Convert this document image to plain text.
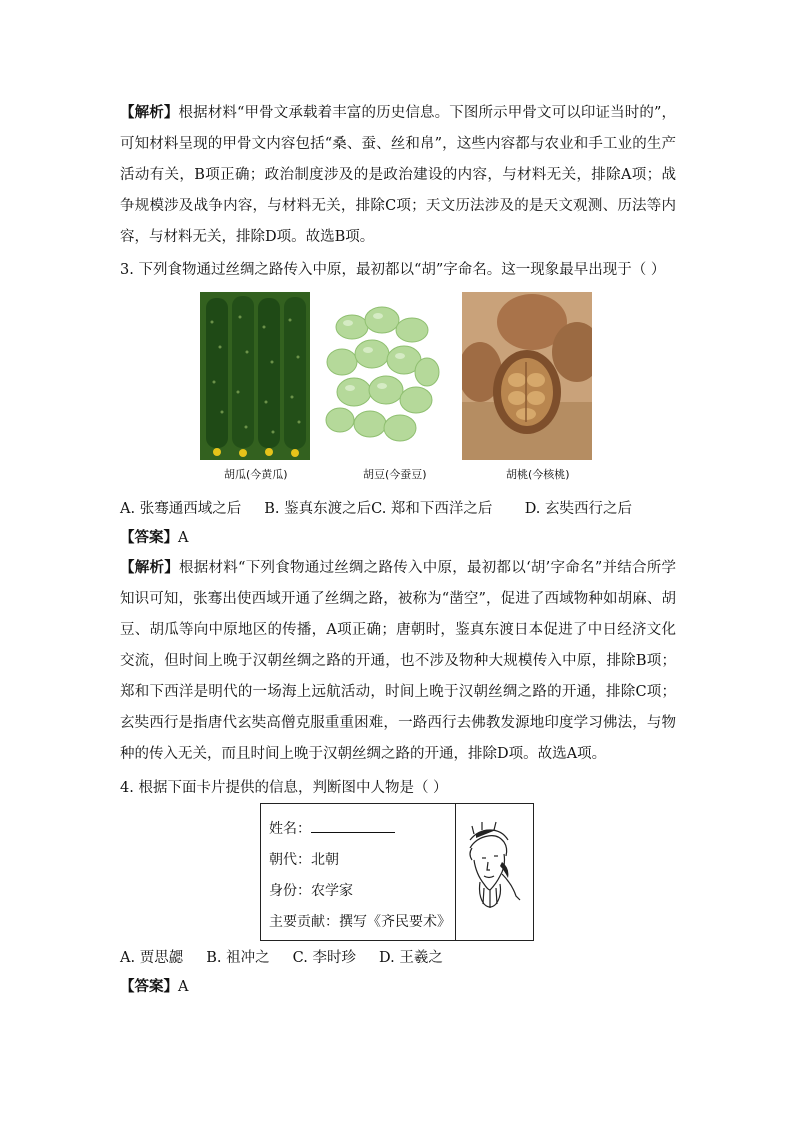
【解析】根据材料“甲骨文承载着丰富的历史信息。下图所示甲骨文可以印证当时的”，可知材料呈现的甲骨文内容包括“桑、蚕、丝和帛”，这些内容都与农业和手工业的生产活动有关，B项正确；政治制度涉及的是政治建设的内容，与材料无关，排除A项；战争规模涉及战争内容，与材料无关，排除C项；天文历法涉及的是天文观测、历法等内容，与材料无关，排除D项。故选B项。
3. 下列食物通过丝绸之路传入中原，最初都以“胡”字命名。这一现象最早出现于（ ）
胡瓜(今黄瓜)	胡豆(今蚕豆)	胡桃(今核桃)
A. 张骞通西域之后 B. 鉴真东渡之后C. 郑和下西洋之后 D. 玄奘西行之后
【答案】A
【解析】根据材料“下列食物通过丝绸之路传入中原，最初都以‘胡’字命名”并结合所学知识可知，张骞出使西域开通了丝绸之路，被称为“凿空”，促进了西域物种如胡麻、胡豆、胡瓜等向中原地区的传播，A项正确；唐朝时，鉴真东渡日本促进了中日经济文化交流，但时间上晚于汉朝丝绸之路的开通，也不涉及物种大规模传入中原，排除B项；郑和下西洋是明代的一场海上远航活动，时间上晚于汉朝丝绸之路的开通，排除C项；玄奘西行是指唐代玄奘高僧克服重重困难，一路西行去佛教发源地印度学习佛法，与物种的传入无关，而且时间上晚于汉朝丝绸之路的开通，排除D项。故选A项。
4. 根据下面卡片提供的信息，判断图中人物是（ ）
姓名：
朝代：北朝
身份：农学家
主要贡献：撰写《齐民要术》
A. 贾思勰 B. 祖冲之 C. 李时珍 D. 王羲之
【答案】A
